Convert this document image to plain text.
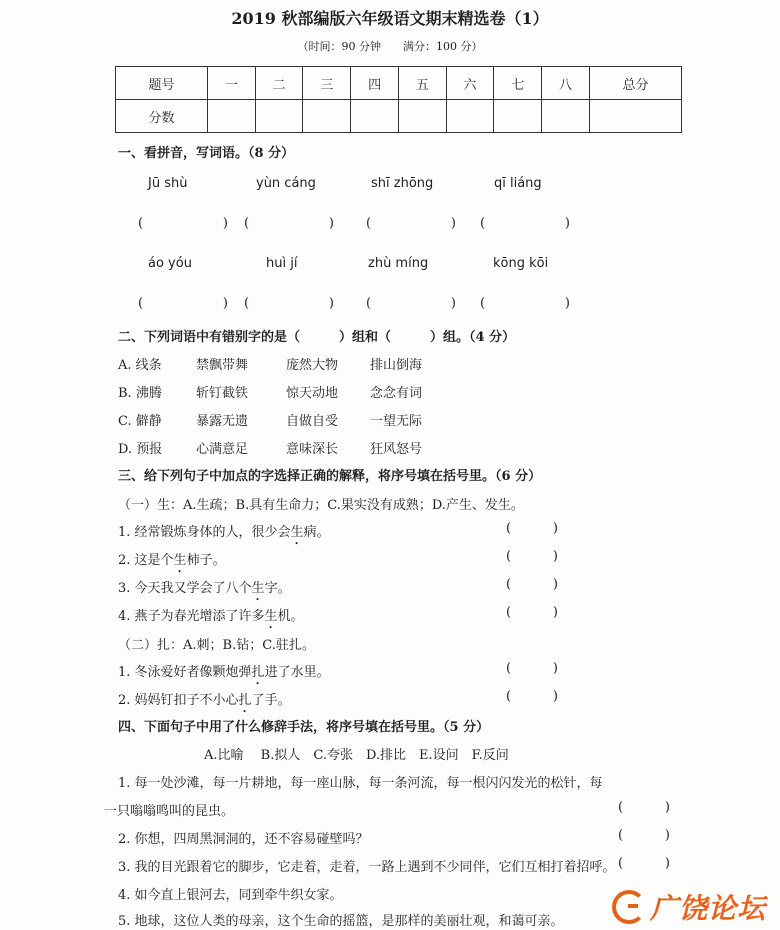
2019 秋部编版六年级语文期末精选卷（1）
（时间：90 分钟　　满分：100 分）
题号	一	二	三	四	五	六	七	八	总分
分数									
一、看拼音，写词语。（8 分）
Jū shù	yùn cáng	shī zhōng	qī liáng
(	) (	) (	) (	)
áo yóu	huì jí	zhù míng	kōng kōi
(	) (	) (	) (	)
二、下列词语中有错别字的是（　　　）组和（　　　）组。（4 分）
A. 线条	禁飘带舞	庞然大物 排山倒海
B. 沸腾	斩钉截铁	惊天动地 念念有词
C. 僻静	暴露无遗	自做自受 一望无际
D. 预报	心满意足	意味深长 狂风怒号
三、给下列句子中加点的字选择正确的解释，将序号填在括号里。（6 分）
（一）生：A.生疏；B.具有生命力；C.果实没有成熟；D.产生、发生。
1. 经常锻炼身体的人，很少会生病。	(	)
2. 这是个生柿子。	(	)
3. 今天我又学会了八个生字。	(	)
4. 燕子为春光增添了许多生机。	(	)
（二）扎：A.刺；B.钻；C.驻扎。
1. 冬泳爱好者像颗炮弹扎进了水里。	(	)
2. 妈妈钉扣子不小心扎了手。	(	)
四、下面句子中用了什么修辞手法，将序号填在括号里。（5 分）
A.比喻　 B.拟人　C.夸张　D.排比　E.设问　F.反问
1. 每一处沙滩，每一片耕地，每一座山脉，每一条河流，每一根闪闪发光的松针，每
一只嗡嗡鸣叫的昆虫。	(	)
2. 你想，四周黑洞洞的，还不容易碰壁吗？	(	)
3. 我的目光跟着它的脚步，它走着，走着，一路上遇到不少同伴，它们互相打着招呼。 (	)
4. 如今直上银河去，同到牵牛织女家。
5. 地球，这位人类的母亲，这个生命的摇篮，是那样的美丽壮观，和蔼可亲。	广饶论坛
